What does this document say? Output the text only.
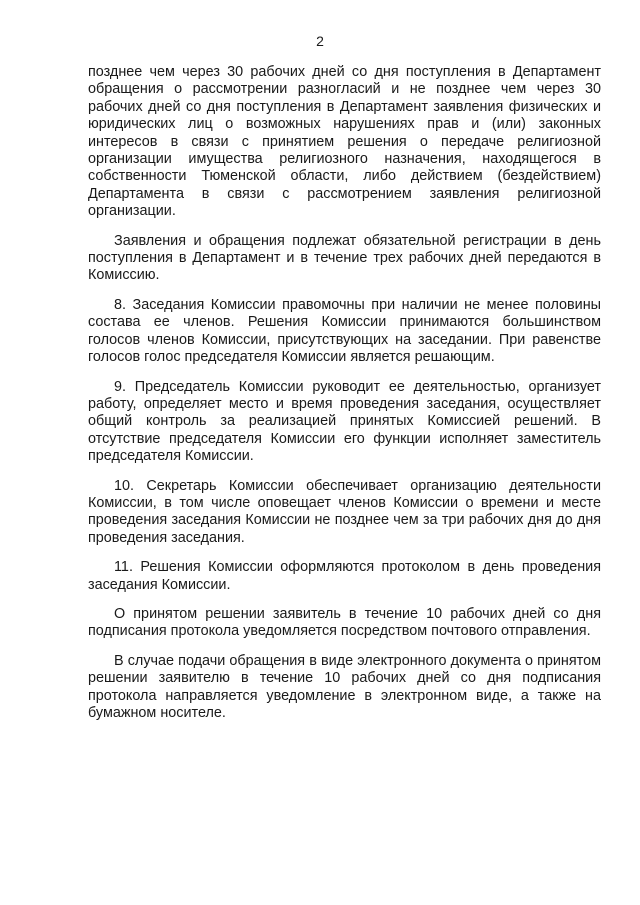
2

позднее чем через 30 рабочих дней со дня поступления в Департамент обращения о рассмотрении разногласий и не позднее чем через 30 рабочих дней со дня поступления в Департамент заявления физических и юридических лиц о возможных нарушениях прав и (или) законных интересов в связи с принятием решения о передаче религиозной организации имущества религиозного назначения, находящегося в собственности Тюменской области, либо действием (бездействием) Департамента в связи с рассмотрением заявления религиозной организации.

Заявления и обращения подлежат обязательной регистрации в день поступления в Департамент и в течение трех рабочих дней передаются в Комиссию.

8. Заседания Комиссии правомочны при наличии не менее половины состава ее членов. Решения Комиссии принимаются большинством голосов членов Комиссии, присутствующих на заседании. При равенстве голосов голос председателя Комиссии является решающим.

9. Председатель Комиссии руководит ее деятельностью, организует работу, определяет место и время проведения заседания, осуществляет общий контроль за реализацией принятых Комиссией решений. В отсутствие председателя Комиссии его функции исполняет заместитель председателя Комиссии.

10. Секретарь Комиссии обеспечивает организацию деятельности Комиссии, в том числе оповещает членов Комиссии о времени и месте проведения заседания Комиссии не позднее чем за три рабочих дня до дня проведения заседания.

11. Решения Комиссии оформляются протоколом в день проведения заседания Комиссии.

О принятом решении заявитель в течение 10 рабочих дней со дня подписания протокола уведомляется посредством почтового отправления.

В случае подачи обращения в виде электронного документа о принятом решении заявителю в течение 10 рабочих дней со дня подписания протокола направляется уведомление в электронном виде, а также на бумажном носителе.
